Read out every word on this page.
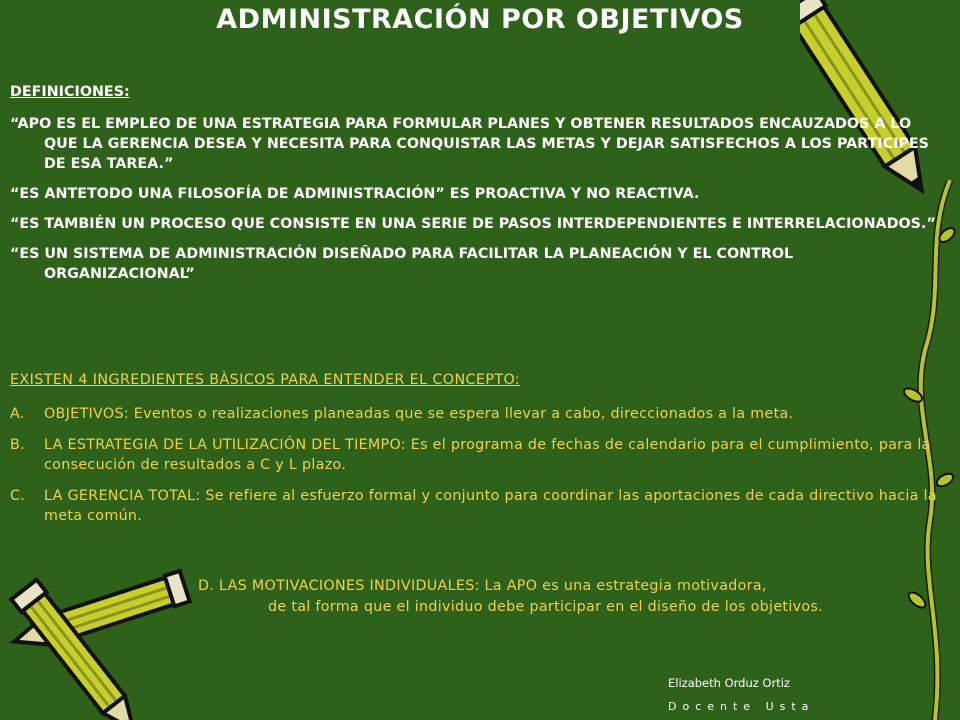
ADMINISTRACIÓN POR OBJETIVOS
DEFINICIONES:
“APO ES EL EMPLEO DE UNA ESTRATEGIA PARA FORMULAR PLANES Y OBTENER RESULTADOS ENCAUZADOS A LO QUE LA GERENCIA DESEA Y NECESITA PARA CONQUISTAR LAS METAS Y DEJAR SATISFECHOS A LOS PARTICIPES DE ESA TAREA.”
“ES ANTETODO UNA FILOSOFÍA DE ADMINISTRACIÓN” ES PROACTIVA Y NO REACTIVA.
“ES TAMBIÉN UN PROCESO QUE CONSISTE EN UNA SERIE DE PASOS INTERDEPENDIENTES E INTERRELACIONADOS.”
“ES UN SISTEMA DE ADMINISTRACIÓN DISEÑADO PARA FACILITAR LA PLANEACIÓN Y EL CONTROL ORGANIZACIONAL”
EXISTEN 4 INGREDIENTES BÀSICOS PARA ENTENDER EL CONCEPTO:
A. OBJETIVOS: Eventos o realizaciones planeadas que se espera llevar a cabo, direccionados a la meta.
B. LA ESTRATEGIA DE LA UTILIZACIÓN DEL TIEMPO: Es el programa de fechas de calendario para el cumplimiento, para la consecución de resultados a C y L plazo.
C. LA GERENCIA TOTAL: Se refiere al esfuerzo formal y conjunto para coordinar las aportaciones de cada directivo hacia la meta común.
D. LAS MOTIVACIONES INDIVIDUALES: La APO es una estrategia motivadora,
de tal forma que el individuo debe participar en el diseño de los objetivos.
Elizabeth Orduz Ortiz
Docente Usta
